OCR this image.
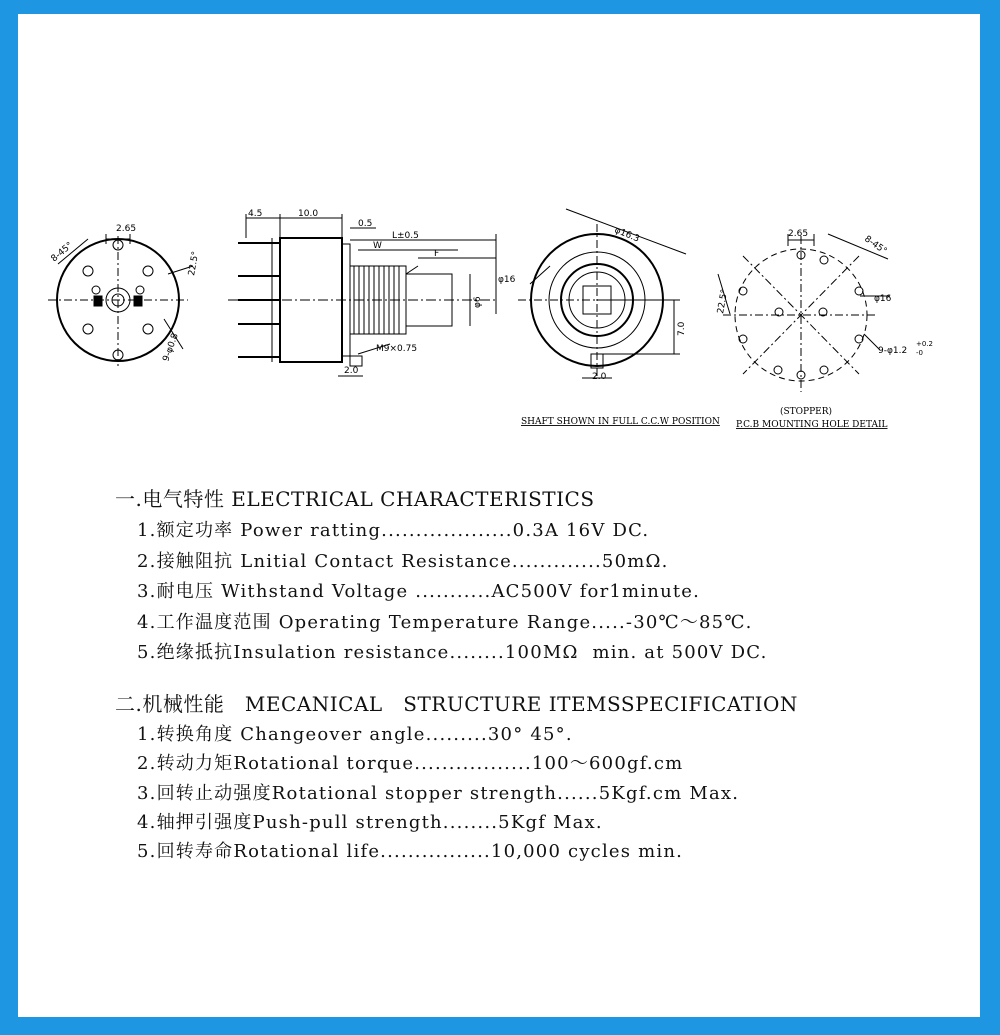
2.65
8-45°	22.5°
9-φ0.8
4.5	10.0
0.5
L±0.5
W
F
φ6
M9×0.75
2.0
φ16.3
φ16
7.0
2.0
SHAFT SHOWN IN FULL C.C.W POSITION
2.65
8-45°
φ16
22.5°
9-φ1.2
+0.2
-0
(STOPPER)
P.C.B MOUNTING HOLE DETAIL
一.电气特性 ELECTRICAL CHARACTERISTICS
1.额定功率 Power ratting...................0.3A 16V DC.
2.接触阻抗 Lnitial Contact Resistance.............50mΩ.
3.耐电压 Withstand Voltage ...........AC500V for1minute.
4.工作温度范围 Operating Temperature Range.....-30℃～85℃.
5.绝缘抵抗Insulation resistance........100MΩ  min. at 500V DC.
二.机械性能   MECANICAL   STRUCTURE ITEMSSPECIFICATION
1.转换角度 Changeover angle.........30° 45°.
2.转动力矩Rotational torque.................100～600gf.cm
3.回转止动强度Rotational stopper strength......5Kgf.cm Max.
4.轴押引强度Push-pull strength........5Kgf Max.
5.回转寿命Rotational life................10,000 cycles min.
